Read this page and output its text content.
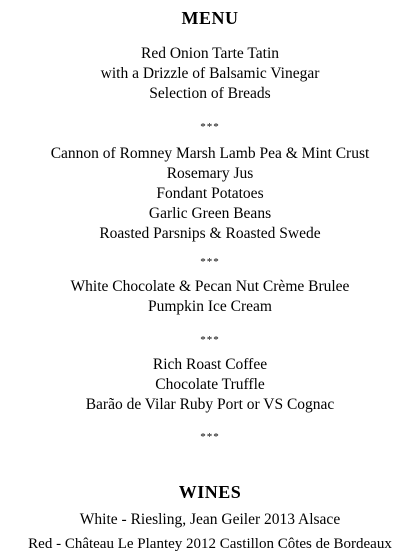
MENU
Red Onion Tarte Tatin
with a Drizzle of Balsamic Vinegar
Selection of Breads
***
Cannon of Romney Marsh Lamb Pea & Mint Crust
Rosemary Jus
Fondant Potatoes
Garlic Green Beans
Roasted Parsnips & Roasted Swede
***
White Chocolate & Pecan Nut Crème Brulee
Pumpkin Ice Cream
***
Rich Roast Coffee
Chocolate Truffle
Barão de Vilar Ruby Port or VS Cognac
***
WINES
White - Riesling, Jean Geiler 2013 Alsace
Red - Château Le Plantey 2012 Castillon Côtes de Bordeaux
